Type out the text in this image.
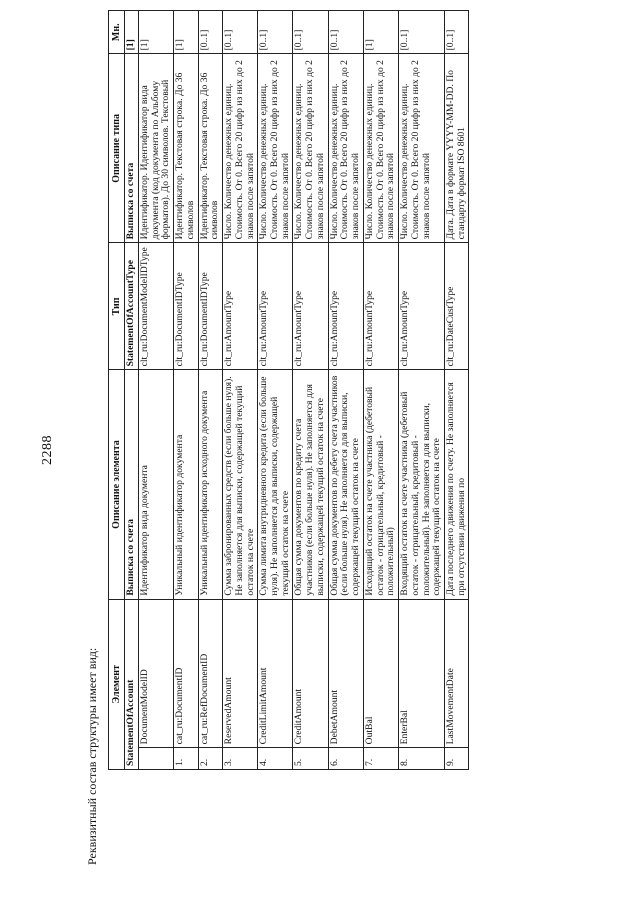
2288
Реквизитный состав структуры имеет вид: Элемент		Описание элемента	Тип	Описание типа	Мн.
StatementOfAccount		Выписка со счета	StatementOfAccountType	Выписка со счета	[1]
	DocumentModelID	Идентификатор вида документа	clt_ru:DocumentModelIDType	Идентификатор. Идентификатор вида документа (код документа по Альбому форматов). До 30 символов. Текстовый	[1]
1.	cat_ru:DocumentID	Уникальный идентификатор документа	clt_ru:DocumentIDType	Идентификатор. Текстовая строка. До 36 символов	[1]
2.	cat_ru:RefDocumentID	Уникальный идентификатор исходного документа	clt_ru:DocumentIDType	Идентификатор. Текстовая строка. До 36 символов	[0..1]
3.	ReservedAmount	Сумма забронированных средств (если больше нуля). Не заполняется для выписки, содержащей текущий остаток на счете	clt_ru:AmountType	Число. Количество денежных единиц. Стоимость. От 0. Всего 20 цифр из них до 2 знаков после запятой	[0..1]
4.	CreditLimitAmount	Сумма лимита внутридневного кредита (если больше нуля). Не заполняется для выписки, содержащей текущий остаток на счете	clt_ru:AmountType	Число. Количество денежных единиц. Стоимость. От 0. Всего 20 цифр из них до 2 знаков после запятой	[0..1]
5.	CreditAmount	Общая сумма документов по кредиту счета участников (если больше нуля). Не заполняется для выписки, содержащей текущий остаток на счете	clt_ru:AmountType	Число. Количество денежных единиц. Стоимость. От 0. Всего 20 цифр из них до 2 знаков после запятой	[0..1]
6.	DebetAmount	Общая сумма документов по дебету счета участников (если больше нуля). Не заполняется для выписки, содержащей текущий остаток на счете	clt_ru:AmountType	Число. Количество денежных единиц. Стоимость. От 0. Всего 20 цифр из них до 2 знаков после запятой	[0..1]
7.	OutBal	Исходящий остаток на счете участника (дебетовый остаток - отрицательный, кредитовый - положительный)	clt_ru:AmountType	Число. Количество денежных единиц. Стоимость. От 0. Всего 20 цифр из них до 2 знаков после запятой	[1]
8.	EnterBal	Входящий остаток на счете участника (дебетовый остаток - отрицательный, кредитовый - положительный). Не заполняется для выписки, содержащей текущий остаток на счете	clt_ru:AmountType	Число. Количество денежных единиц. Стоимость. От 0. Всего 20 цифр из них до 2 знаков после запятой	[0..1]
9.	LastMovementDate	Дата последнего движения по счету. Не заполняется при отсутствии движения по	clt_ru:DateCustType	Дата. Дата в формате YYYY-MM-DD. По стандарту формат ISO 8601	[0..1]
